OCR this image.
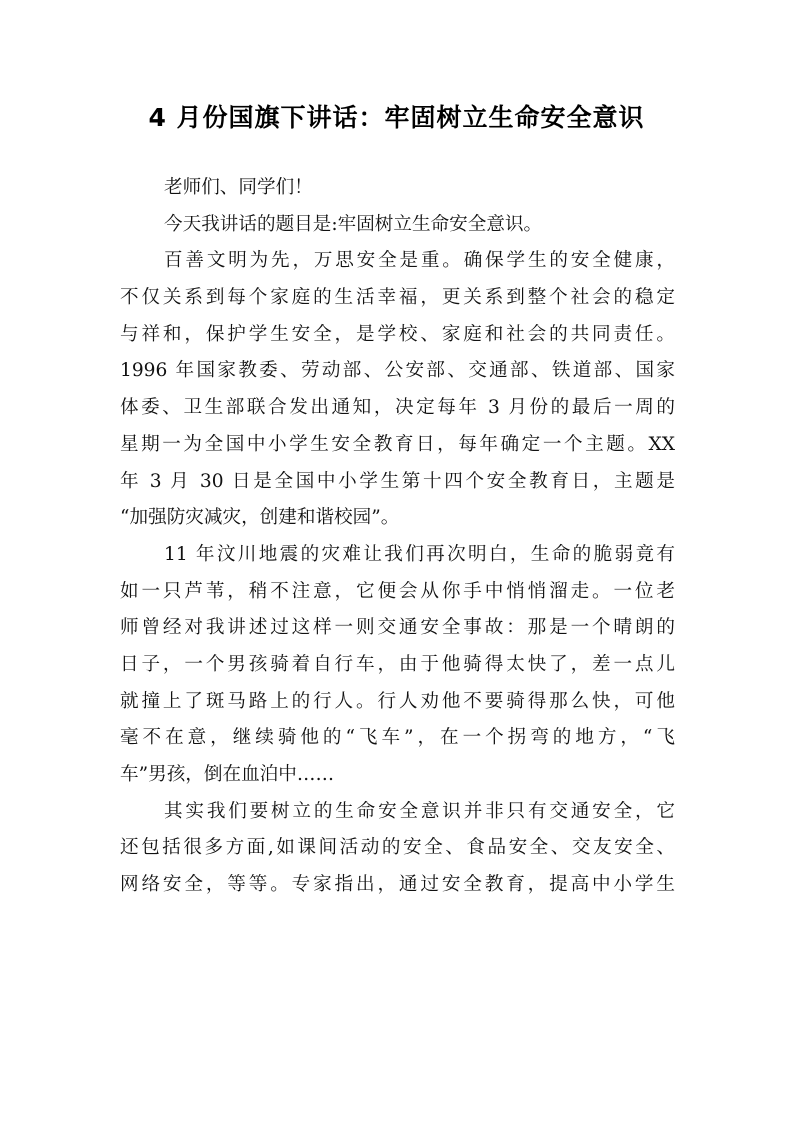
4 月份国旗下讲话：牢固树立生命安全意识
老师们、同学们！
今天我讲话的题目是:牢固树立生命安全意识。
百善文明为先，万思安全是重。确保学生的安全健康，
不仅关系到每个家庭的生活幸福，更关系到整个社会的稳定
与祥和，保护学生安全，是学校、家庭和社会的共同责任。
1996 年国家教委、劳动部、公安部、交通部、铁道部、国家
体委、卫生部联合发出通知，决定每年 3 月份的最后一周的
星期一为全国中小学生安全教育日，每年确定一个主题。XX
年 3 月 30 日是全国中小学生第十四个安全教育日，主题是
“加强防灾减灾，创建和谐校园”。
11 年汶川地震的灾难让我们再次明白，生命的脆弱竟有
如一只芦苇，稍不注意，它便会从你手中悄悄溜走。一位老
师曾经对我讲述过这样一则交通安全事故：那是一个晴朗的
日子，一个男孩骑着自行车，由于他骑得太快了，差一点儿
就撞上了斑马路上的行人。行人劝他不要骑得那么快，可他
毫不在意，继续骑他的“飞车”，在一个拐弯的地方，“飞
车”男孩，倒在血泊中……
其实我们要树立的生命安全意识并非只有交通安全，它
还包括很多方面,如课间活动的安全、食品安全、交友安全、
网络安全，等等。专家指出，通过安全教育，提高中小学生
